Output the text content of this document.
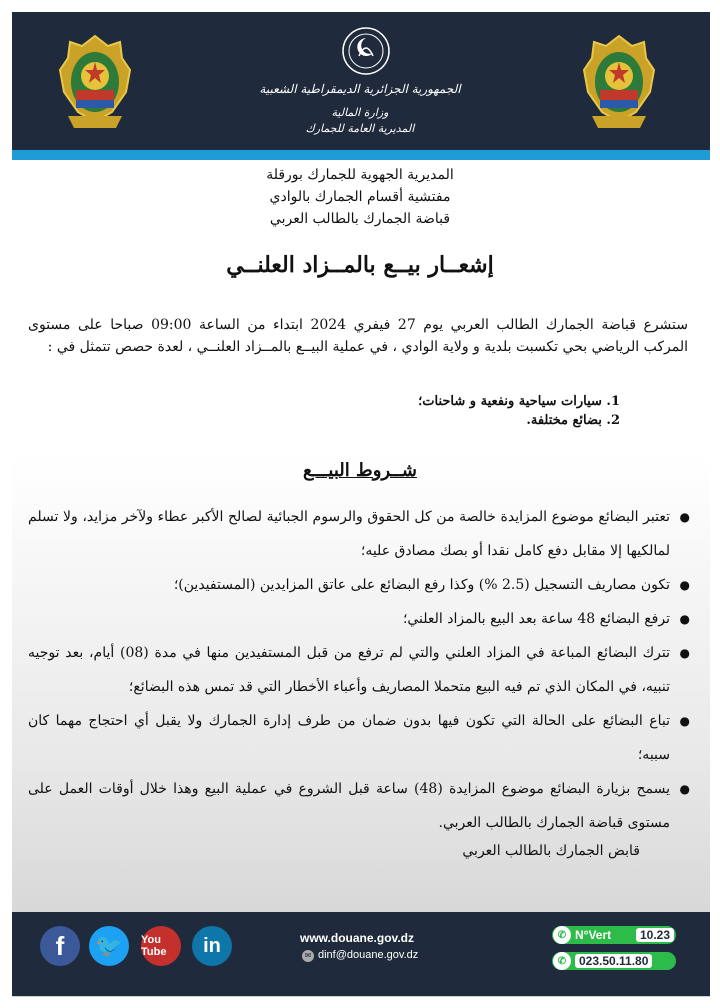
الجمهورية الجزائرية الديمقراطية الشعبية
وزارة المالية
المديرية العامة للجمارك
المديرية الجهوية للجمارك بورقلة
مفتشية أقسام الجمارك بالوادي
قباضة الجمارك بالطالب العربي
إشعــار بيــع بالمــزاد العلنــي
ستشرع قباضة الجمارك الطالب العربي يوم 27 فيفري 2024 ابتداء من الساعة 09:00 صباحا على مستوى المركب الرياضي بحي تكسبت بلدية و ولاية الوادي ، في عملية البيــع بالمــزاد العلنــي ، لعدة حصص تتمثل في :
1. سيارات سياحية ونفعية و شاحنات؛
2. بضائع مختلفة.
شــروط البيـــع
●
تعتبر البضائع موضوع المزايدة خالصة من كل الحقوق والرسوم الجبائية لصالح الأكبر عطاء ولآخر مزايد، ولا تسلم لمالكيها إلا مقابل دفع كامل نقدا أو بصك مصادق عليه؛
●
تكون مصاريف التسجيل (2.5 %) وكذا رفع البضائع على عاتق المزايدين (المستفيدين)؛
●
ترفع البضائع 48 ساعة بعد البيع بالمزاد العلني؛
●
تترك البضائع المباعة في المزاد العلني والتي لم ترفع من قبل المستفيدين منها في مدة (08) أيام، بعد توجيه تنبيه، في المكان الذي تم فيه البيع متحملا المصاريف وأعباء الأخطار التي قد تمس هذه البضائع؛
●
تباع البضائع على الحالة التي تكون فيها بدون ضمان من طرف إدارة الجمارك ولا يقبل أي احتجاج مهما كان سببه؛
●
يسمح بزيارة البضائع موضوع المزايدة (48) ساعة قبل الشروع في عملية البيع وهذا خلال أوقات العمل على مستوى قباضة الجمارك بالطالب العربي.
قابض الجمارك بالطالب العربي
f	🐦	You Tube	in	www.douane.gov.dz
✉ dinf@douane.gov.dz
✆ N°Vert	10.23
✆	023.50.11.80
